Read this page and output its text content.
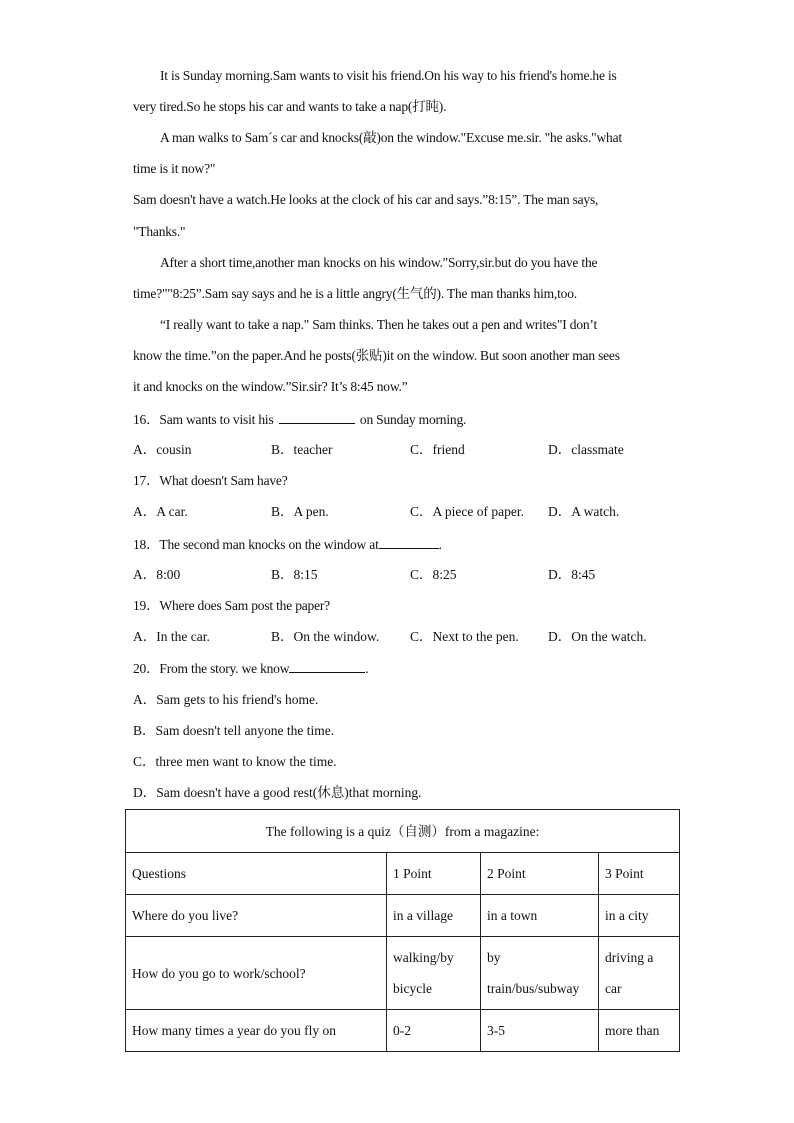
It is Sunday morning.Sam wants to visit his friend.On his way to his friend's home.he is
very tired.So he stops his car and wants to take a nap(打盹).
A man walks to Sam´s car and knocks(敲)on the window."Excuse me.sir. "he asks."what
time is it now?"
Sam doesn't have a watch.He looks at the clock of his car and says.”8:15”. The man says,
"Thanks."
After a short time,another man knocks on his window."Sorry,sir.but do you have the
time?""8:25”.Sam say says and he is a little angry(生气的). The man thanks him,too.
“I really want to take a nap." Sam thinks. Then he takes out a pen and writes"I don’t
know the time.”on the paper.And he posts(张贴)it on the window. But soon another man sees
it and knocks on the window.”Sir.sir? It’s 8:45 now.”
16．Sam wants to visit his	on Sunday morning.
A．cousin	B．teacher	C．friend	D．classmate
17．What doesn't Sam have?
A．A car.	B．A pen.	C．A piece of paper. D．A watch.
18．The second man knocks on the window at	.
A．8:00	B．8:15	C．8:25	D．8:45
19．Where does Sam post the paper?
A．In the car.	B．On the window. C．Next to the pen. D．On the watch.
20．From the story. we know	.
A．Sam gets to his friend's home.
B．Sam doesn't tell anyone the time.
C．three men want to know the time.
D．Sam doesn't have a good rest(休息)that morning.
The following is a quiz（自测）from a magazine:			
Questions	1 Point	2 Point	3 Point
Where do you live?	in a village	in a town	in a city
How do you go to work/school?	walking/by bicycle	by train/bus/subway	driving a car
How many times a year do you fly on	0-2	3-5	more than
